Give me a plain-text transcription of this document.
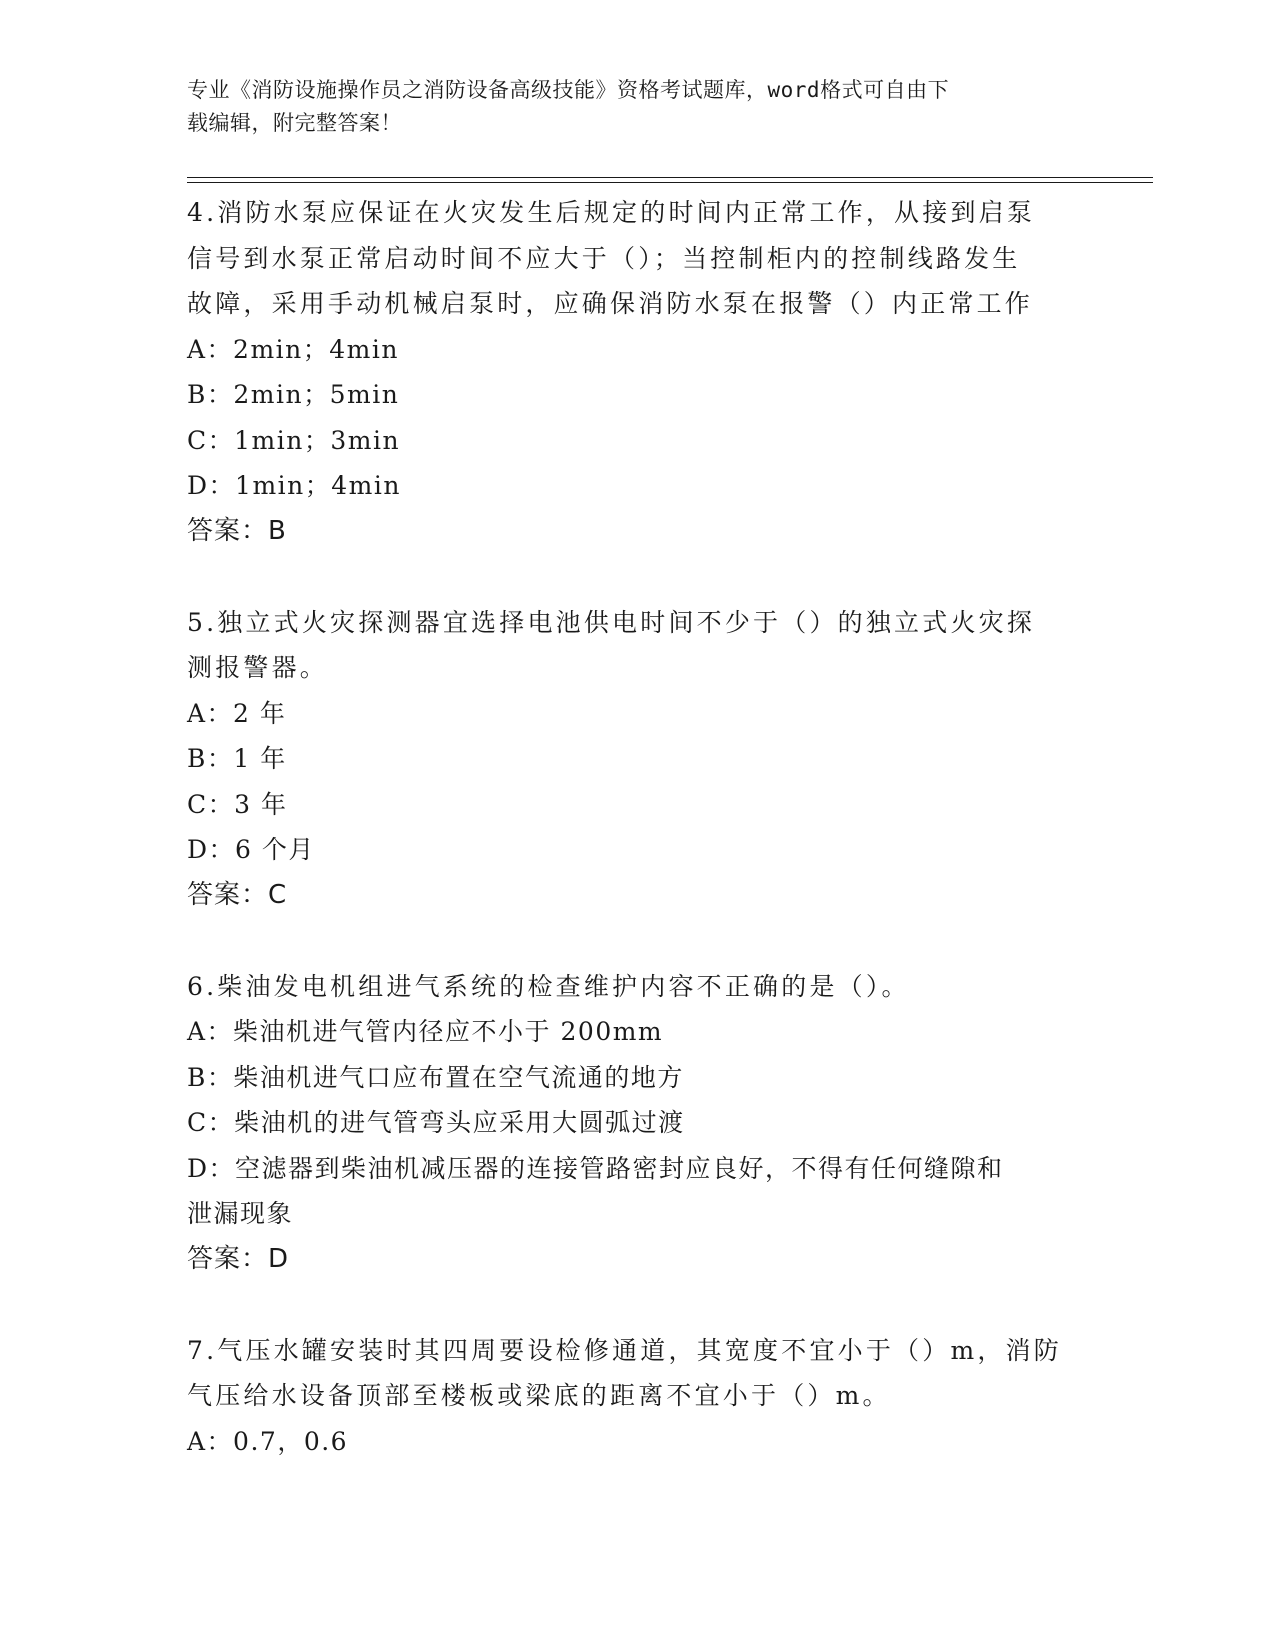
专业《消防设施操作员之消防设备高级技能》资格考试题库，word格式可自由下
载编辑，附完整答案！
4.消防水泵应保证在火灾发生后规定的时间内正常工作，从接到启泵
信号到水泵正常启动时间不应大于（）；当控制柜内的控制线路发生
故障，采用手动机械启泵时，应确保消防水泵在报警（）内正常工作
A：2min；4min
B：2min；5min
C：1min；3min
D：1min；4min
答案：B
5.独立式火灾探测器宜选择电池供电时间不少于（）的独立式火灾探
测报警器。
A：2 年
B：1 年
C：3 年
D：6 个月
答案：C
6.柴油发电机组进气系统的检查维护内容不正确的是（）。
A：柴油机进气管内径应不小于 200mm
B：柴油机进气口应布置在空气流通的地方
C：柴油机的进气管弯头应采用大圆弧过渡
D：空滤器到柴油机减压器的连接管路密封应良好，不得有任何缝隙和
泄漏现象
答案：D
7.气压水罐安装时其四周要设检修通道，其宽度不宜小于（）m，消防
气压给水设备顶部至楼板或梁底的距离不宜小于（）m。
A：0.7，0.6
